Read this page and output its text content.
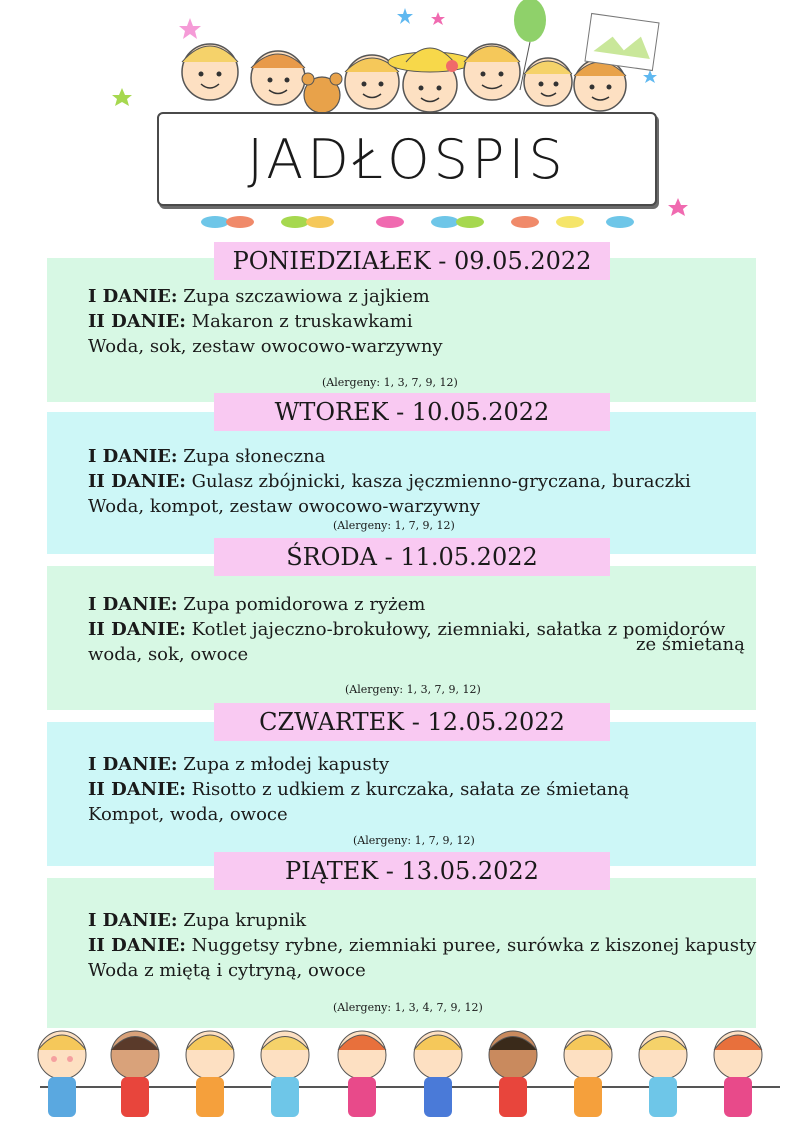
JADŁOSPIS
PONIEDZIAŁEK - 09.05.2022
I DANIE: Zupa szczawiowa z jajkiem
II DANIE: Makaron z truskawkami
Woda, sok, zestaw owocowo-warzywny
(Alergeny: 1, 3, 7, 9, 12)
WTOREK - 10.05.2022
I DANIE: Zupa słoneczna
II DANIE: Gulasz zbójnicki, kasza jęczmienno-gryczana, buraczki
Woda, kompot, zestaw owocowo-warzywny
(Alergeny: 1, 7, 9, 12)
ŚRODA - 11.05.2022
I DANIE: Zupa pomidorowa z ryżem
II DANIE: Kotlet jajeczno-brokułowy, ziemniaki, sałatka z pomidorów
woda, sok, owoce	ze śmietaną
(Alergeny: 1, 3, 7, 9, 12)
CZWARTEK - 12.05.2022
I DANIE: Zupa z młodej kapusty
II DANIE: Risotto z udkiem z kurczaka, sałata ze śmietaną
Kompot, woda, owoce
(Alergeny: 1, 7, 9, 12)
PIĄTEK - 13.05.2022
I DANIE: Zupa krupnik
II DANIE: Nuggetsy rybne, ziemniaki puree, surówka z kiszonej kapusty
Woda z miętą i cytryną, owoce
(Alergeny: 1, 3, 4, 7, 9, 12)
